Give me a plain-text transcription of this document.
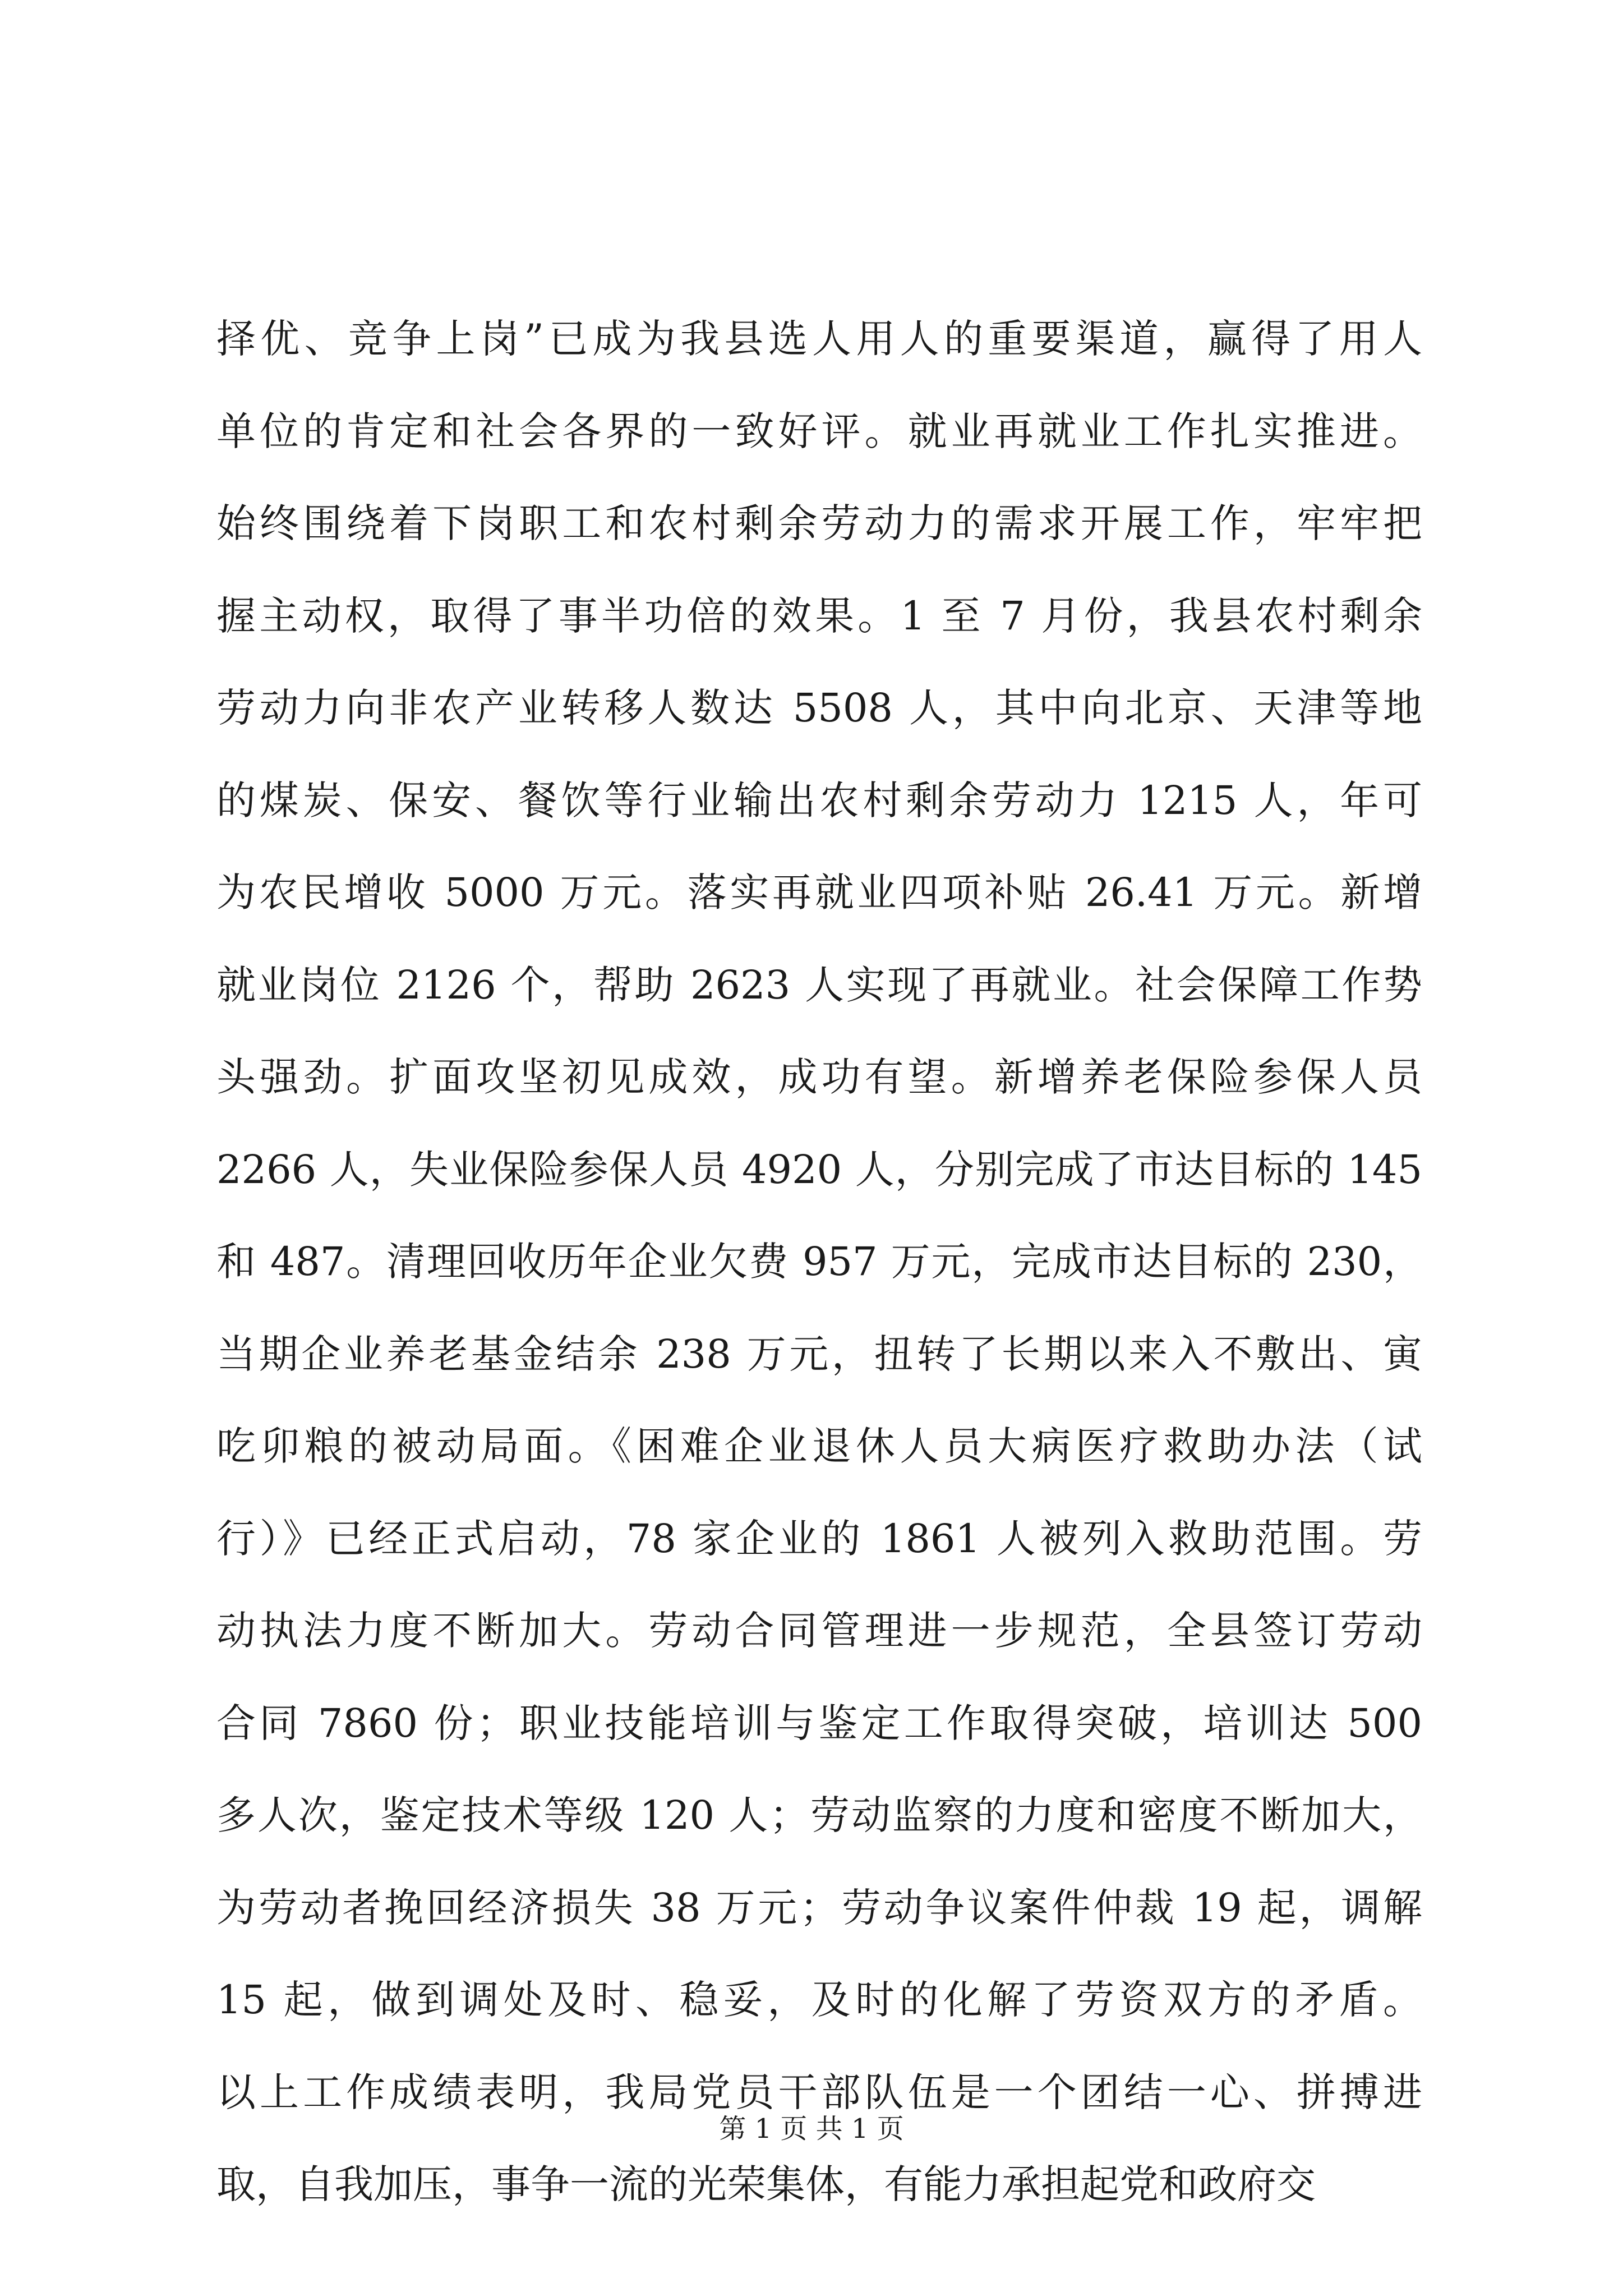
择优、竞争上岗”已成为我县选人用人的重要渠道，赢得了用人
单位的肯定和社会各界的一致好评。就业再就业工作扎实推进。
始终围绕着下岗职工和农村剩余劳动力的需求开展工作，牢牢把
握主动权，取得了事半功倍的效果。1 至 7 月份，我县农村剩余
劳动力向非农产业转移人数达 5508 人，其中向北京、天津等地
的煤炭、保安、餐饮等行业输出农村剩余劳动力 1215 人，年可
为农民增收 5000 万元。落实再就业四项补贴 26.41 万元。新增
就业岗位 2126 个，帮助 2623 人实现了再就业。社会保障工作势
头强劲。扩面攻坚初见成效，成功有望。新增养老保险参保人员
2266 人，失业保险参保人员 4920 人，分别完成了市达目标的 145
和 487。清理回收历年企业欠费 957 万元，完成市达目标的 230，
当期企业养老基金结余 238 万元，扭转了长期以来入不敷出、寅
吃卯粮的被动局面。《困难企业退休人员大病医疗救助办法（试
行）》已经正式启动，78 家企业的 1861 人被列入救助范围。劳
动执法力度不断加大。劳动合同管理进一步规范，全县签订劳动
合同 7860 份；职业技能培训与鉴定工作取得突破，培训达 500
多人次，鉴定技术等级 120 人；劳动监察的力度和密度不断加大，
为劳动者挽回经济损失 38 万元；劳动争议案件仲裁 19 起，调解
15 起，做到调处及时、稳妥，及时的化解了劳资双方的矛盾。
以上工作成绩表明，我局党员干部队伍是一个团结一心、拼搏进
取，自我加压，事争一流的光荣集体，有能力承担起党和政府交
第 1 页 共 1 页
